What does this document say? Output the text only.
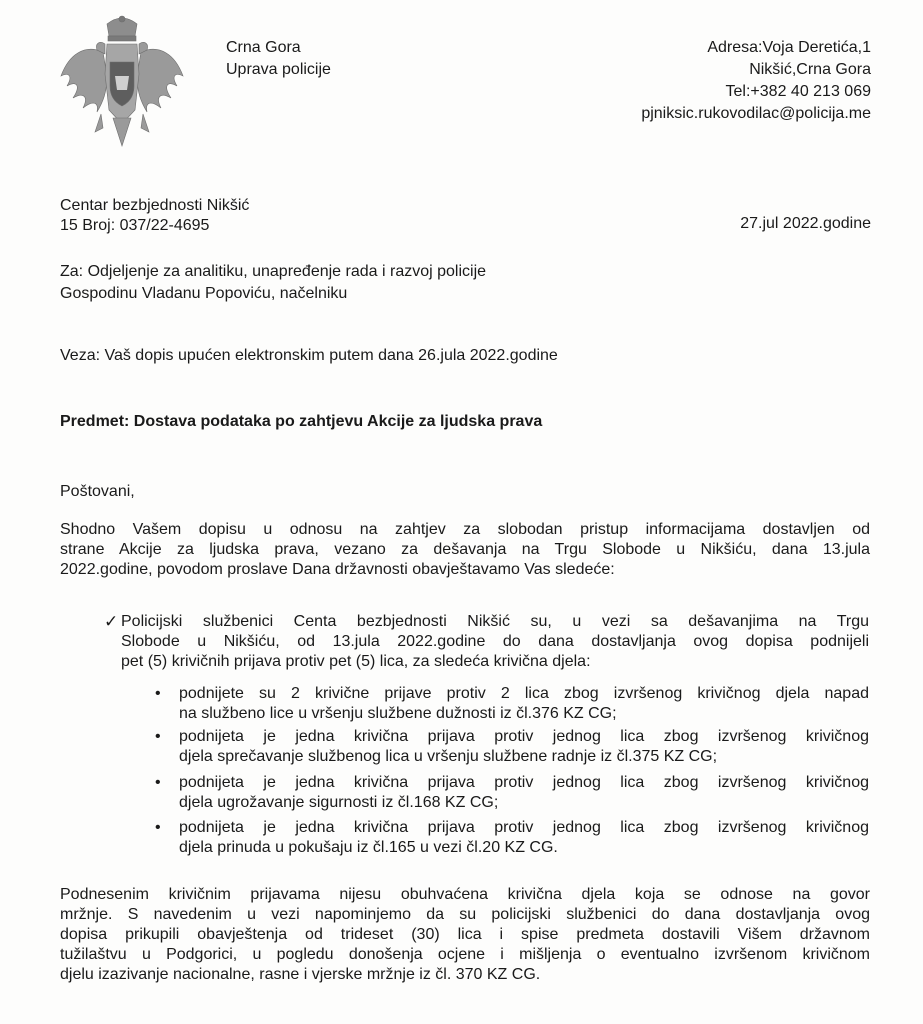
Crna Gora
Uprava policije
Adresa:Voja Deretića,1
Nikšić,Crna Gora
Tel:+382 40 213 069
pjniksic.rukovodilac@policija.me
Centar bezbjednosti Nikšić
15 Broj: 037/22-4695	27.jul 2022.godine
Za: Odjeljenje za analitiku, unapređenje rada i razvoj policije
Gospodinu Vladanu Popoviću, načelniku
Veza: Vaš dopis upućen elektronskim putem dana 26.jula 2022.godine
Predmet: Dostava podataka po zahtjevu Akcije za ljudska prava
Poštovani,
Shodno Vašem dopisu u odnosu na zahtjev za slobodan pristup informacijama dostavljen od
strane Akcije za ljudska prava, vezano za dešavanja na Trgu Slobode u Nikšiću, dana 13.jula
2022.godine, povodom proslave Dana državnosti obavještavamo Vas sledeće:
✓ Policijski službenici Centa bezbjednosti Nikšić su, u vezi sa dešavanjima na Trgu
Slobode u Nikšiću, od 13.jula 2022.godine do dana dostavljanja ovog dopisa podnijeli
pet (5) krivičnih prijava protiv pet (5) lica, za sledeća krivična djela:
• podnijete su 2 krivične prijave protiv 2 lica zbog izvršenog krivičnog djela napad
na službeno lice u vršenju službene dužnosti iz čl.376 KZ CG;
• podnijeta je jedna krivična prijava protiv jednog lica zbog izvršenog krivičnog
djela sprečavanje službenog lica u vršenju službene radnje iz čl.375 KZ CG;
• podnijeta je jedna krivična prijava protiv jednog lica zbog izvršenog krivičnog
djela ugrožavanje sigurnosti iz čl.168 KZ CG;
• podnijeta je jedna krivična prijava protiv jednog lica zbog izvršenog krivičnog
djela prinuda u pokušaju iz čl.165 u vezi čl.20 KZ CG.
Podnesenim krivičnim prijavama nijesu obuhvaćena krivična djela koja se odnose na govor
mržnje. S navedenim u vezi napominjemo da su policijski službenici do dana dostavljanja ovog
dopisa prikupili obavještenja od trideset (30) lica i spise predmeta dostavili Višem državnom
tužilaštvu u Podgorici, u pogledu donošenja ocjene i mišljenja o eventualno izvršenom krivičnom
djelu izazivanje nacionalne, rasne i vjerske mržnje iz čl. 370 KZ CG.
